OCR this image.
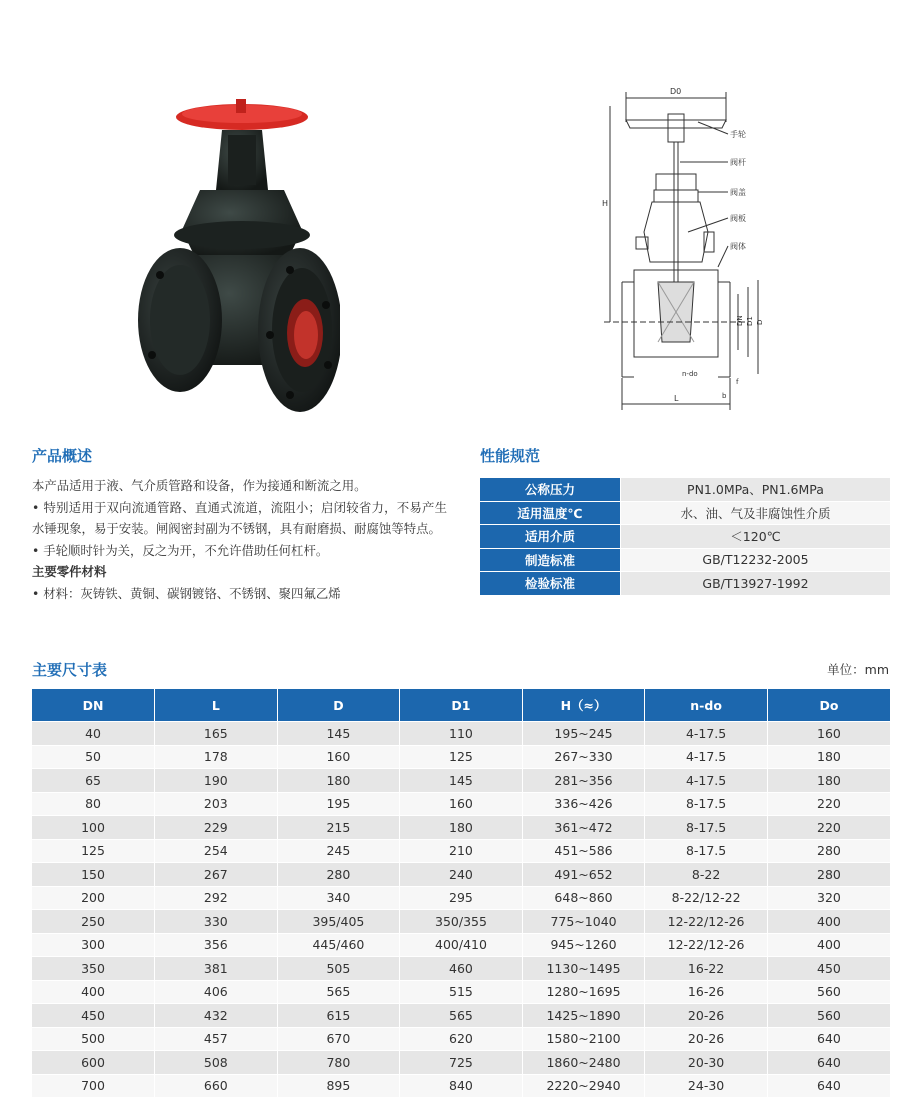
D0
H
手轮
阀杆
阀盖
阀板
阀体
DN D1 D
n-do
f
b
L
产品概述	性能规范

本产品适用于液、气介质管路和设备，作为接通和断流之用。

• 特别适用于双向流通管路、直通式流道，流阻小；启闭较省力，不易产生水锤现象，易于安装。闸阀密封副为不锈钢，具有耐磨损、耐腐蚀等特点。

• 手轮顺时针为关，反之为开，不允许借助任何杠杆。

主要零件材料

• 材料：灰铸铁、黄铜、碳钢镀铬、不锈钢、聚四氟乙烯

公称压力	PN1.0MPa、PN1.6MPa
适用温度℃	水、油、气及非腐蚀性介质
适用介质	＜120℃
制造标准	GB/T12232-2005
检验标准	GB/T13927-1992
主要尺寸表	单位：mm
DN	L	D	D1	H（≈）	n-do	Do
40	165	145	110	195~245	4-17.5	160
50	178	160	125	267~330	4-17.5	180
65	190	180	145	281~356	4-17.5	180
80	203	195	160	336~426	8-17.5	220
100	229	215	180	361~472	8-17.5	220
125	254	245	210	451~586	8-17.5	280
150	267	280	240	491~652	8-22	280
200	292	340	295	648~860	8-22/12-22	320
250	330	395/405	350/355	775~1040	12-22/12-26	400
300	356	445/460	400/410	945~1260	12-22/12-26	400
350	381	505	460	1130~1495	16-22	450
400	406	565	515	1280~1695	16-26	560
450	432	615	565	1425~1890	20-26	560
500	457	670	620	1580~2100	20-26	640
600	508	780	725	1860~2480	20-30	640
700	660	895	840	2220~2940	24-30	640
